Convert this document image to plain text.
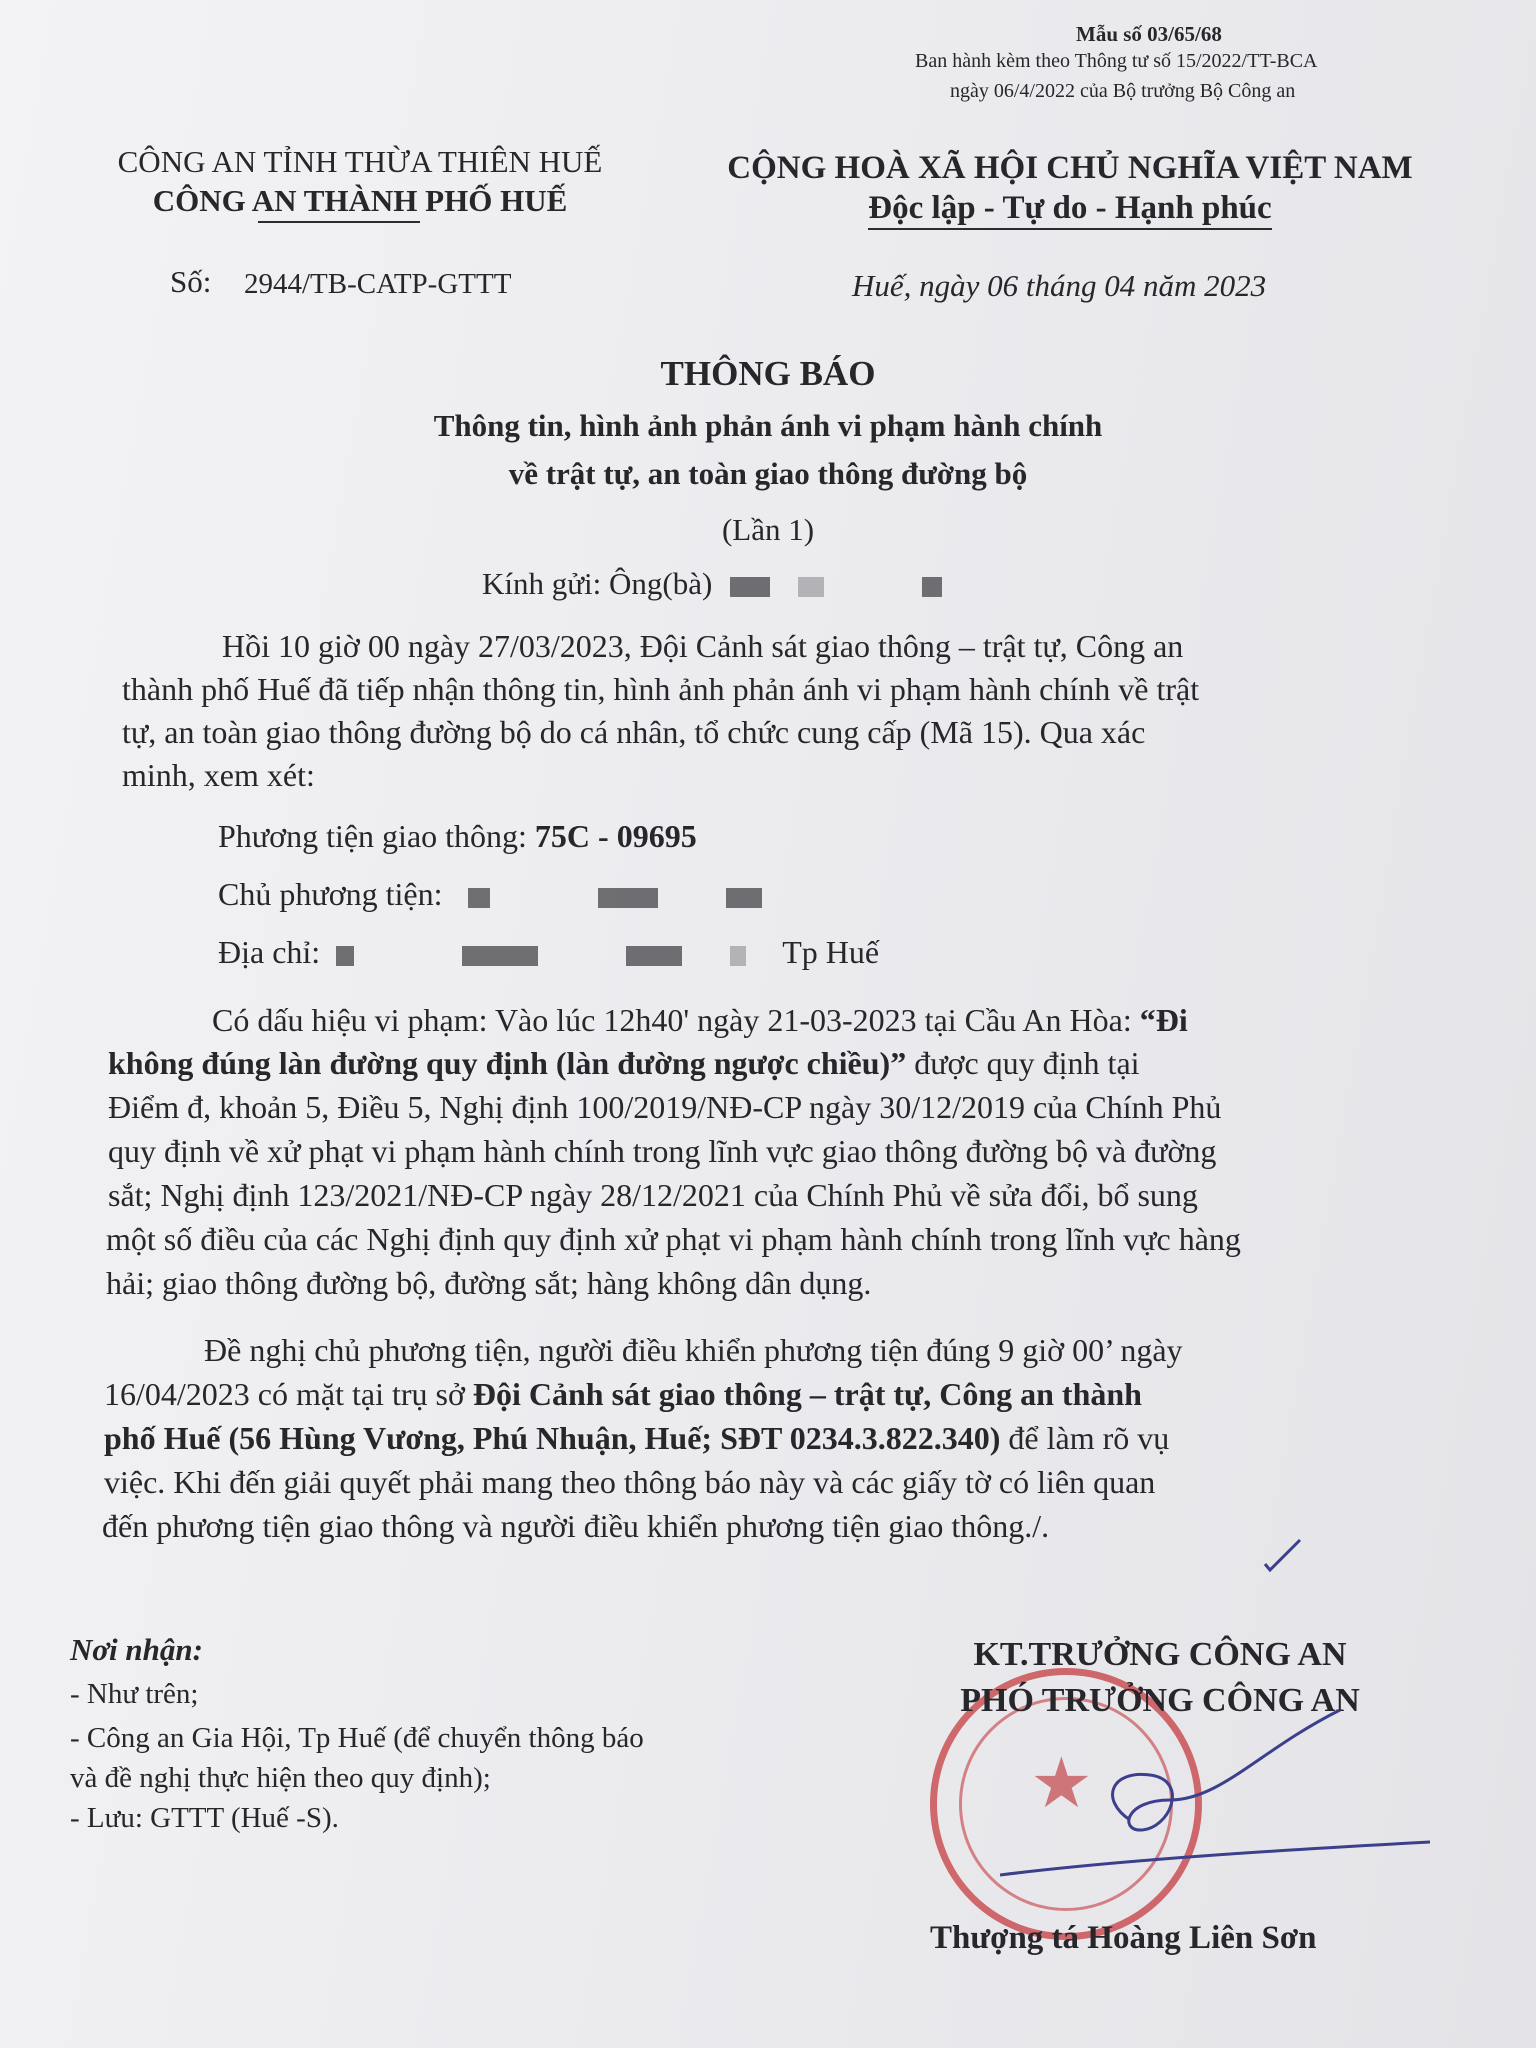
Mẫu số 03/65/68
Ban hành kèm theo Thông tư số 15/2022/TT-BCA
ngày 06/4/2022 của Bộ trưởng Bộ Công an
CÔNG AN TỈNH THỪA THIÊN HUẾ
CÔNG AN THÀNH PHỐ HUẾ
CỘNG HOÀ XÃ HỘI CHỦ NGHĨA VIỆT NAM
Độc lập - Tự do - Hạnh phúc
Số: 2944/TB-CATP-GTTT	Huế, ngày 06 tháng 04 năm 2023
THÔNG BÁO
Thông tin, hình ảnh phản ánh vi phạm hành chính
về trật tự, an toàn giao thông đường bộ
(Lần 1)
Kính gửi: Ông(bà)
Hồi 10 giờ 00 ngày 27/03/2023, Đội Cảnh sát giao thông – trật tự, Công an
thành phố Huế đã tiếp nhận thông tin, hình ảnh phản ánh vi phạm hành chính về trật
tự, an toàn giao thông đường bộ do cá nhân, tổ chức cung cấp (Mã 15). Qua xác
minh, xem xét:
Phương tiện giao thông: 75C - 09695
Chủ phương tiện:
Địa chỉ:	Tp Huế
Có dấu hiệu vi phạm: Vào lúc 12h40' ngày 21-03-2023 tại Cầu An Hòa: “Đi
không đúng làn đường quy định (làn đường ngược chiều)” được quy định tại
Điểm đ, khoản 5, Điều 5, Nghị định 100/2019/NĐ-CP ngày 30/12/2019 của Chính Phủ
quy định về xử phạt vi phạm hành chính trong lĩnh vực giao thông đường bộ và đường
sắt; Nghị định 123/2021/NĐ-CP ngày 28/12/2021 của Chính Phủ về sửa đổi, bổ sung
một số điều của các Nghị định quy định xử phạt vi phạm hành chính trong lĩnh vực hàng
hải; giao thông đường bộ, đường sắt; hàng không dân dụng.
Đề nghị chủ phương tiện, người điều khiển phương tiện đúng 9 giờ 00’ ngày
16/04/2023 có mặt tại trụ sở Đội Cảnh sát giao thông – trật tự, Công an thành
phố Huế (56 Hùng Vương, Phú Nhuận, Huế; SĐT 0234.3.822.340) để làm rõ vụ
việc. Khi đến giải quyết phải mang theo thông báo này và các giấy tờ có liên quan
đến phương tiện giao thông và người điều khiển phương tiện giao thông./.
Nơi nhận:
- Như trên;
- Công an Gia Hội, Tp Huế (để chuyển thông báo
và đề nghị thực hiện theo quy định);
- Lưu: GTTT (Huế -S).	★
KT.TRƯỞNG CÔNG AN
PHÓ TRƯỞNG CÔNG AN
Thượng tá Hoàng Liên Sơn
